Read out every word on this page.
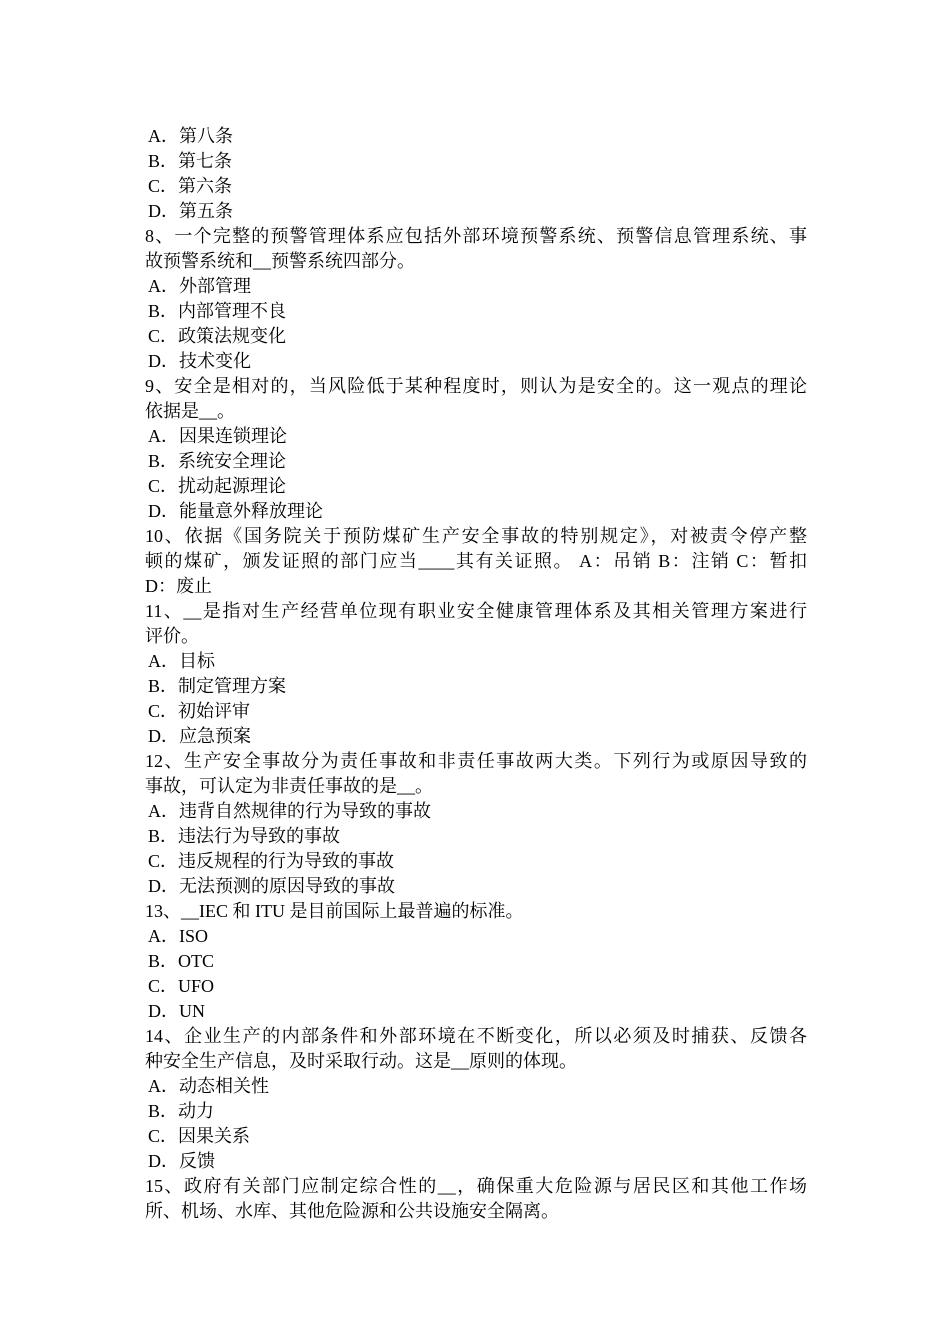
A．第八条
B．第七条
C．第六条
D．第五条
8、一个完整的预警管理体系应包括外部环境预警系统、预警信息管理系统、事
故预警系统和__预警系统四部分。
A．外部管理
B．内部管理不良
C．政策法规变化
D．技术变化
9、安全是相对的，当风险低于某种程度时，则认为是安全的。这一观点的理论
依据是__。
A．因果连锁理论
B．系统安全理论
C．扰动起源理论
D．能量意外释放理论
10、依据《国务院关于预防煤矿生产安全事故的特别规定》，对被责令停产整
顿的煤矿，颁发证照的部门应当____其有关证照。 A：吊销 B：注销 C：暂扣
D：废止
11、__是指对生产经营单位现有职业安全健康管理体系及其相关管理方案进行
评价。
A．目标
B．制定管理方案
C．初始评审
D．应急预案
12、生产安全事故分为责任事故和非责任事故两大类。下列行为或原因导致的
事故，可认定为非责任事故的是__。
A．违背自然规律的行为导致的事故
B．违法行为导致的事故
C．违反规程的行为导致的事故
D．无法预测的原因导致的事故
13、__IEC 和 ITU 是目前国际上最普遍的标准。
A．ISO
B．OTC
C．UFO
D．UN
14、企业生产的内部条件和外部环境在不断变化，所以必须及时捕获、反馈各
种安全生产信息，及时采取行动。这是__原则的体现。
A．动态相关性
B．动力
C．因果关系
D．反馈
15、政府有关部门应制定综合性的__，确保重大危险源与居民区和其他工作场
所、机场、水库、其他危险源和公共设施安全隔离。
